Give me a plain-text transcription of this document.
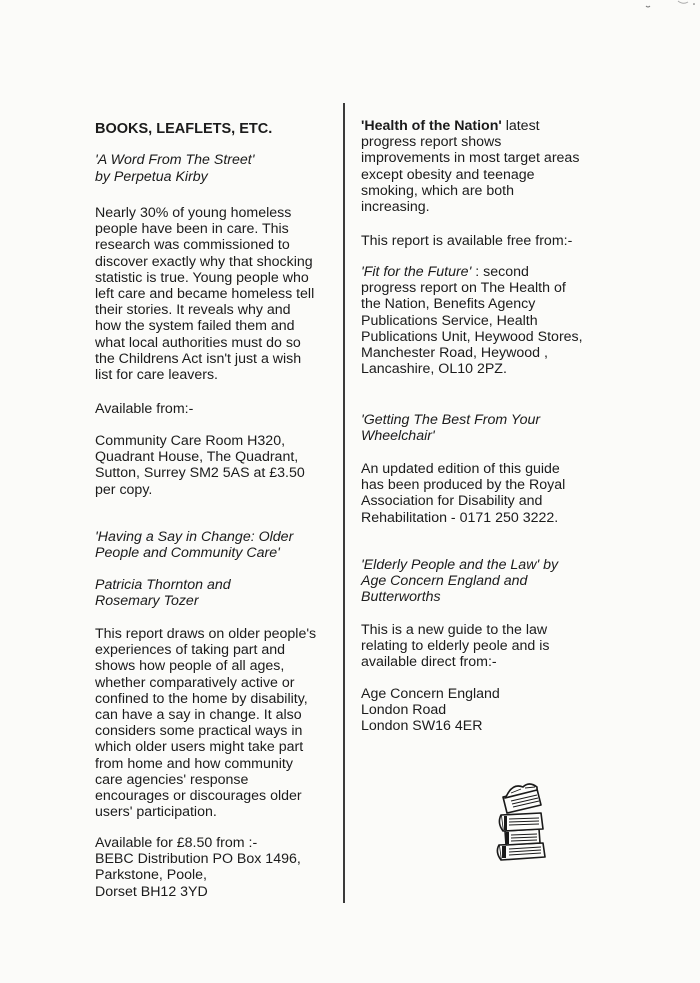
BOOKS, LEAFLETS, ETC.

'A Word From The Street'

by Perpetua Kirby

Nearly 30% of young homeless
people have been in care. This
research was commissioned to
discover exactly why that shocking
statistic is true. Young people who
left care and became homeless tell
their stories. It reveals why and
how the system failed them and
what local authorities must do so
the Childrens Act isn't just a wish
list for care leavers.

Available from:-

Community Care Room H320,
Quadrant House, The Quadrant,
Sutton, Surrey SM2 5AS at £3.50
per copy.

'Having a Say in Change: Older
People and Community Care'

Patricia Thornton and
Rosemary Tozer

This report draws on older people's
experiences of taking part and
shows how people of all ages,
whether comparatively active or
confined to the home by disability,
can have a say in change. It also
considers some practical ways in
which older users might take part
from home and how community
care agencies' response
encourages or discourages older
users' participation.

Available for £8.50 from :-
BEBC Distribution PO Box 1496,
Parkstone, Poole,
Dorset BH12 3YD

'Health of the Nation' latest
progress report shows
improvements in most target areas
except obesity and teenage
smoking, which are both
increasing.

This report is available free from:-

'Fit for the Future' : second
progress report on The Health of
the Nation, Benefits Agency
Publications Service, Health
Publications Unit, Heywood Stores,
Manchester Road, Heywood ,
Lancashire, OL10 2PZ.

'Getting The Best From Your
Wheelchair'

An updated edition of this guide
has been produced by the Royal
Association for Disability and
Rehabilitation - 0171 250 3222.

'Elderly People and the Law' by
Age Concern England and
Butterworths

This is a new guide to the law
relating to elderly peole and is
available direct from:-

Age Concern England
London Road
London SW16 4ER
